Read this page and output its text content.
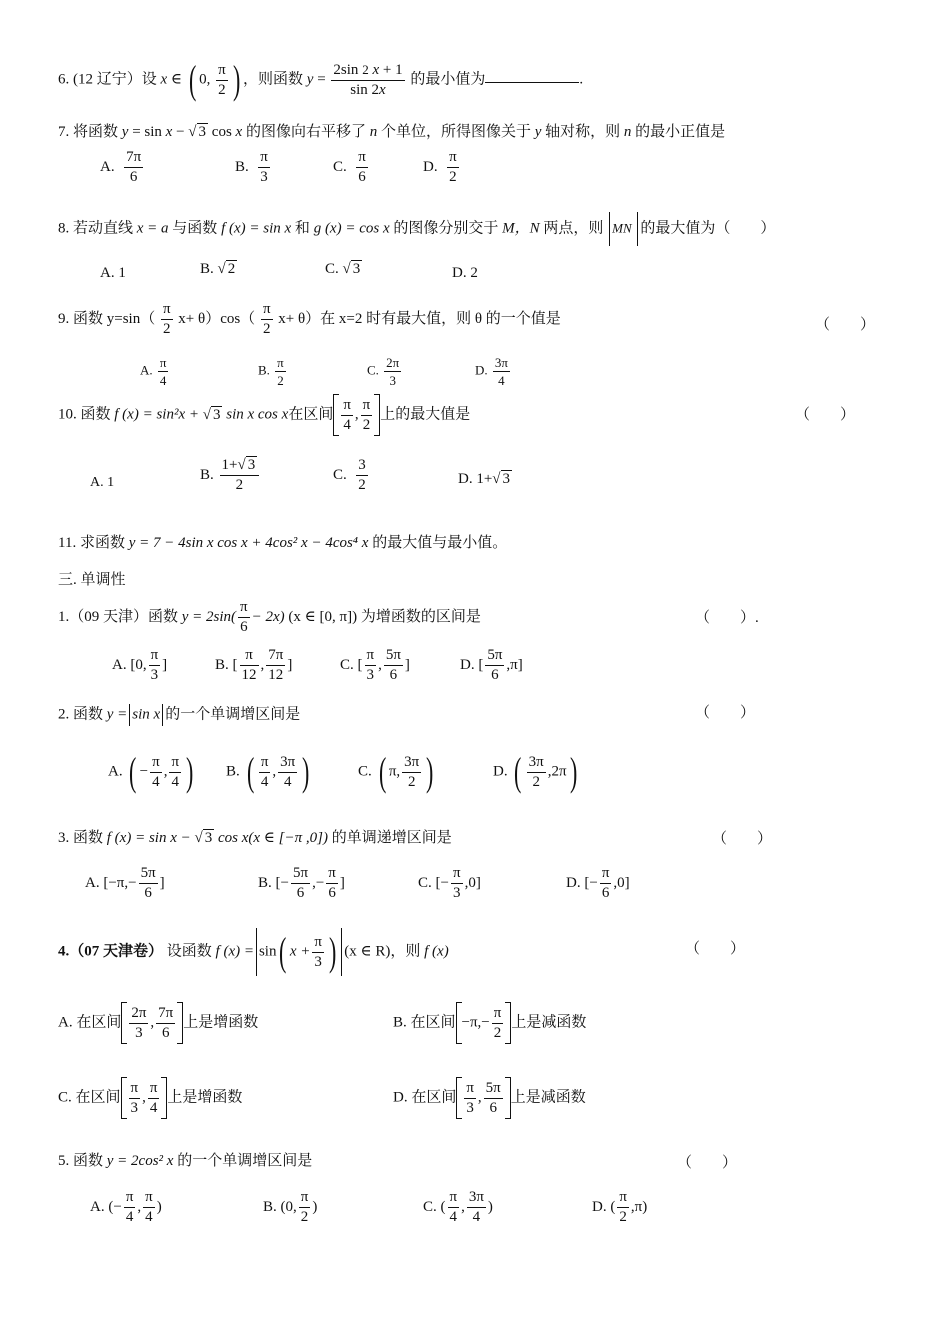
6. (12 辽宁）设 x ∈ ( 0, $\frac{\pi}{2}$ ) ，则函数 $y = \frac{2\sin 2 x + 1}{\sin 2x}$ 的最小值为	.
7. 将函数 y = sin x − √ 3 cos x 的图像向右平移了 n 个单位，所得图像关于 y 轴对称，则 n 的最小正值是
A. $\frac{7\pi}{6}$	B. $\frac{\pi}{3}$	C. $\frac{\pi}{6}$	D. $\frac{\pi}{2}$
8. 若动直线 x = a 与函数 f (x) = sin x 和 g (x) = cos x 的图像分别交于 M，N 两点，则 MN 的最大值为（　　）
A. 1	B. √ 2	C. √ 3	D. 2
9. 函数 $y=\sin( \frac{\pi}{2} x+ \theta)\cos( \frac{\pi}{2} x+ \theta)$在 x=2 时有最大值，则 θ 的一个值是	（　　）
A. $\frac{\pi}{4}$	B. $\frac{\pi}{2}$	C. $\frac{2\pi}{3}$	D. $\frac{3\pi}{4}$
10. 函数 f (x) = sin²x + √ 3 sin x cos x在区间 $\frac{\pi}{4}$ , $\frac{\pi}{2}$ 上的最大值是	（　　）
A. 1	B. $\frac{1+√ 3}{2}$	C. $\frac{3}{2}$	D. 1+√ 3
11. 求函数 y = 7 − 4sin x cos x + 4cos² x − 4cos⁴ x 的最大值与最小值。
三. 单调性
1.（09 天津）函数 $y = 2\sin( \frac{\pi}{6} - 2x)$ (x ∈ [0, π]) 为增函数的区间是	（　　）.
A. [0, $\frac{\pi}{3}$ ]	B. [ $\frac{\pi}{12}$ , $\frac{7\pi}{12}$ ]	C. [ $\frac{\pi}{3}$ , $\frac{5\pi}{6}$ ]	D. [ $\frac{5\pi}{6} ,\pi$]
2. 函数 y = sin x 的一个单调增区间是	（　　）
A. ( − $\frac{\pi}{4}$ , $\frac{\pi}{4}$ ) B. ( $\frac{\pi}{4}$ , $\frac{3\pi}{4}$ )	C. ( π, $\frac{3\pi}{2}$ )	D. ( $\frac{3\pi}{2} ,2\pi$)
3. 函数 f (x) = sin x − √ 3 cos x(x ∈ [−π ,0]) 的单调递增区间是	（　　）
A. [$-\pi,- \frac{5\pi}{6}$ ]	B. [− $\frac{5\pi}{6}$ ,− $\frac{\pi}{6}$ ]	C. [− $\frac{\pi}{3} ,0$]	D. [− $\frac{\pi}{6} ,0$]
4.（07 天津卷） 设函数 f (x) = sin( $x + \frac{\pi}{3}$ ) (x ∈ R)，则 f (x)	（　　）
A. 在区间 $\frac{2\pi}{3}$ , $\frac{7\pi}{6}$ 上是增函数	B. 在区间 $-\pi,- \frac{\pi}{2}$ 上是减函数
C. 在区间 $\frac{\pi}{3}$ , $\frac{\pi}{4}$ 上是增函数	D. 在区间 $\frac{\pi}{3}$ , $\frac{5\pi}{6}$ 上是减函数
5. 函数 y = 2cos² x 的一个单调增区间是	（　　）
A. (− $\frac{\pi}{4}$ , $\frac{\pi}{4}$ )	B. (0, $\frac{\pi}{2}$ )	C. ( $\frac{\pi}{4}$ , $\frac{3\pi}{4}$ )	D. ( $\frac{\pi}{2} ,\pi$)
